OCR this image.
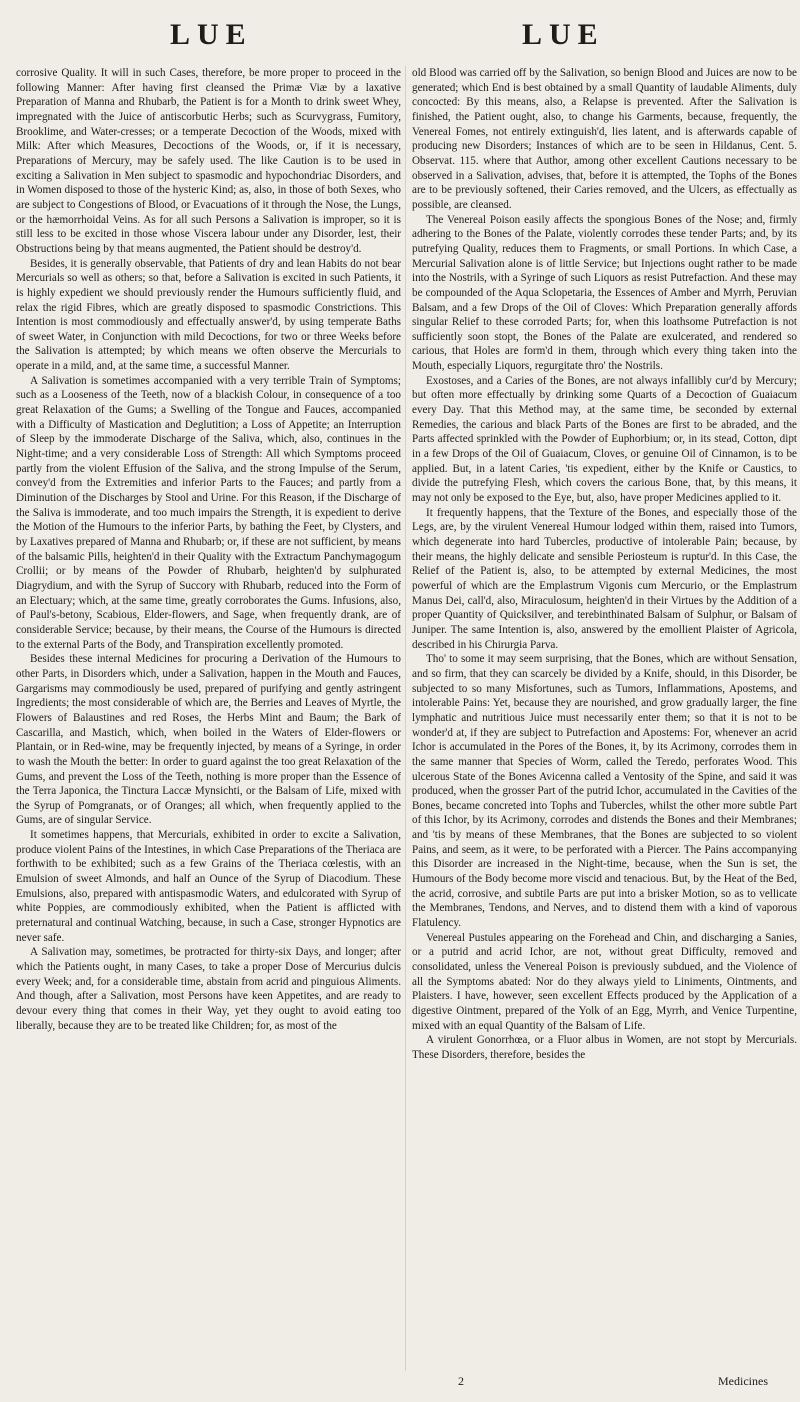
LUE	LUE

corrosive Quality. It will in such Cases, therefore, be more proper to proceed in the following Manner: After having first cleansed the Primæ Viæ by a laxative Preparation of Manna and Rhubarb, the Patient is for a Month to drink sweet Whey, impregnated with the Juice of antiscorbutic Herbs; such as Scurvygrass, Fumitory, Brooklime, and Water-cresses; or a temperate Decoction of the Woods, mixed with Milk: After which Measures, Decoctions of the Woods, or, if it is necessary, Preparations of Mercury, may be safely used. The like Caution is to be used in exciting a Salivation in Men subject to spasmodic and hypochondriac Disorders, and in Women disposed to those of the hysteric Kind; as, also, in those of both Sexes, who are subject to Congestions of Blood, or Evacuations of it through the Nose, the Lungs, or the hæmorrhoidal Veins. As for all such Persons a Salivation is improper, so it is still less to be excited in those whose Viscera labour under any Disorder, lest, their Obstructions being by that means augmented, the Patient should be destroy'd.

Besides, it is generally observable, that Patients of dry and lean Habits do not bear Mercurials so well as others; so that, before a Salivation is excited in such Patients, it is highly expedient we should previously render the Humours sufficiently fluid, and relax the rigid Fibres, which are greatly disposed to spasmodic Constrictions. This Intention is most commodiously and effectually answer'd, by using temperate Baths of sweet Water, in Conjunction with mild Decoctions, for two or three Weeks before the Salivation is attempted; by which means we often observe the Mercurials to operate in a mild, and, at the same time, a successful Manner.

A Salivation is sometimes accompanied with a very terrible Train of Symptoms; such as a Looseness of the Teeth, now of a blackish Colour, in consequence of a too great Relaxation of the Gums; a Swelling of the Tongue and Fauces, accompanied with a Difficulty of Mastication and Deglutition; a Loss of Appetite; an Interruption of Sleep by the immoderate Discharge of the Saliva, which, also, continues in the Night-time; and a very considerable Loss of Strength: All which Symptoms proceed partly from the violent Effusion of the Saliva, and the strong Impulse of the Serum, convey'd from the Extremities and inferior Parts to the Fauces; and partly from a Diminution of the Discharges by Stool and Urine. For this Reason, if the Discharge of the Saliva is immoderate, and too much impairs the Strength, it is expedient to derive the Motion of the Humours to the inferior Parts, by bathing the Feet, by Clysters, and by Laxatives prepared of Manna and Rhubarb; or, if these are not sufficient, by means of the balsamic Pills, heighten'd in their Quality with the Extractum Panchymagogum Crollii; or by means of the Powder of Rhubarb, heighten'd by sulphurated Diagrydium, and with the Syrup of Succory with Rhubarb, reduced into the Form of an Electuary; which, at the same time, greatly corroborates the Gums. Infusions, also, of Paul's-betony, Scabious, Elder-flowers, and Sage, when frequently drank, are of considerable Service; because, by their means, the Course of the Humours is directed to the external Parts of the Body, and Transpiration excellently promoted.

Besides these internal Medicines for procuring a Derivation of the Humours to other Parts, in Disorders which, under a Salivation, happen in the Mouth and Fauces, Gargarisms may commodiously be used, prepared of purifying and gently astringent Ingredients; the most considerable of which are, the Berries and Leaves of Myrtle, the Flowers of Balaustines and red Roses, the Herbs Mint and Baum; the Bark of Cascarilla, and Mastich, which, when boiled in the Waters of Elder-flowers or Plantain, or in Red-wine, may be frequently injected, by means of a Syringe, in order to wash the Mouth the better: In order to guard against the too great Relaxation of the Gums, and prevent the Loss of the Teeth, nothing is more proper than the Essence of the Terra Japonica, the Tinctura Laccæ Mynsichti, or the Balsam of Life, mixed with the Syrup of Pomgranats, or of Oranges; all which, when frequently applied to the Gums, are of singular Service.

It sometimes happens, that Mercurials, exhibited in order to excite a Salivation, produce violent Pains of the Intestines, in which Case Preparations of the Theriaca are forthwith to be exhibited; such as a few Grains of the Theriaca cœlestis, with an Emulsion of sweet Almonds, and half an Ounce of the Syrup of Diacodium. These Emulsions, also, prepared with antispasmodic Waters, and edulcorated with Syrup of white Poppies, are commodiously exhibited, when the Patient is afflicted with preternatural and continual Watching, because, in such a Case, stronger Hypnotics are never safe.

A Salivation may, sometimes, be protracted for thirty-six Days, and longer; after which the Patients ought, in many Cases, to take a proper Dose of Mercurius dulcis every Week; and, for a considerable time, abstain from acrid and pinguious Aliments. And though, after a Salivation, most Persons have keen Appetites, and are ready to devour every thing that comes in their Way, yet they ought to avoid eating too liberally, because they are to be treated like Children; for, as most of the

old Blood was carried off by the Salivation, so benign Blood and Juices are now to be generated; which End is best obtained by a small Quantity of laudable Aliments, duly concocted: By this means, also, a Relapse is prevented. After the Salivation is finished, the Patient ought, also, to change his Garments, because, frequently, the Venereal Fomes, not entirely extinguish'd, lies latent, and is afterwards capable of producing new Disorders; Instances of which are to be seen in Hildanus, Cent. 5. Observat. 115. where that Author, among other excellent Cautions necessary to be observed in a Salivation, advises, that, before it is attempted, the Tophs of the Bones are to be previously softened, their Caries removed, and the Ulcers, as effectually as possible, are cleansed.

The Venereal Poison easily affects the spongious Bones of the Nose; and, firmly adhering to the Bones of the Palate, violently corrodes these tender Parts; and, by its putrefying Quality, reduces them to Fragments, or small Portions. In which Case, a Mercurial Salivation alone is of little Service; but Injections ought rather to be made into the Nostrils, with a Syringe of such Liquors as resist Putrefaction. And these may be compounded of the Aqua Sclopetaria, the Essences of Amber and Myrrh, Peruvian Balsam, and a few Drops of the Oil of Cloves: Which Preparation generally affords singular Relief to these corroded Parts; for, when this loathsome Putrefaction is not sufficiently soon stopt, the Bones of the Palate are exulcerated, and rendered so carious, that Holes are form'd in them, through which every thing taken into the Mouth, especially Liquors, regurgitate thro' the Nostrils.

Exostoses, and a Caries of the Bones, are not always infallibly cur'd by Mercury; but often more effectually by drinking some Quarts of a Decoction of Guaiacum every Day. That this Method may, at the same time, be seconded by external Remedies, the carious and black Parts of the Bones are first to be abraded, and the Parts affected sprinkled with the Powder of Euphorbium; or, in its stead, Cotton, dipt in a few Drops of the Oil of Guaiacum, Cloves, or genuine Oil of Cinnamon, is to be applied. But, in a latent Caries, 'tis expedient, either by the Knife or Caustics, to divide the putrefying Flesh, which covers the carious Bone, that, by this means, it may not only be exposed to the Eye, but, also, have proper Medicines applied to it.

It frequently happens, that the Texture of the Bones, and especially those of the Legs, are, by the virulent Venereal Humour lodged within them, raised into Tumors, which degenerate into hard Tubercles, productive of intolerable Pain; because, by their means, the highly delicate and sensible Periosteum is ruptur'd. In this Case, the Relief of the Patient is, also, to be attempted by external Medicines, the most powerful of which are the Emplastrum Vigonis cum Mercurio, or the Emplastrum Manus Dei, call'd, also, Miraculosum, heighten'd in their Virtues by the Addition of a proper Quantity of Quicksilver, and terebinthinated Balsam of Sulphur, or Balsam of Juniper. The same Intention is, also, answered by the emollient Plaister of Agricola, described in his Chirurgia Parva.

Tho' to some it may seem surprising, that the Bones, which are without Sensation, and so firm, that they can scarcely be divided by a Knife, should, in this Disorder, be subjected to so many Misfortunes, such as Tumors, Inflammations, Apostems, and intolerable Pains: Yet, because they are nourished, and grow gradually larger, the fine lymphatic and nutritious Juice must necessarily enter them; so that it is not to be wonder'd at, if they are subject to Putrefaction and Apostems: For, whenever an acrid Ichor is accumulated in the Pores of the Bones, it, by its Acrimony, corrodes them in the same manner that Species of Worm, called the Teredo, perforates Wood. This ulcerous State of the Bones Avicenna called a Ventosity of the Spine, and said it was produced, when the grosser Part of the putrid Ichor, accumulated in the Cavities of the Bones, became concreted into Tophs and Tubercles, whilst the other more subtle Part of this Ichor, by its Acrimony, corrodes and distends the Bones and their Membranes; and 'tis by means of these Membranes, that the Bones are subjected to so violent Pains, and seem, as it were, to be perforated with a Piercer. The Pains accompanying this Disorder are increased in the Night-time, because, when the Sun is set, the Humours of the Body become more viscid and tenacious. But, by the Heat of the Bed, the acrid, corrosive, and subtile Parts are put into a brisker Motion, so as to vellicate the Membranes, Tendons, and Nerves, and to distend them with a kind of vaporous Flatulency.

Venereal Pustules appearing on the Forehead and Chin, and discharging a Sanies, or a putrid and acrid Ichor, are not, without great Difficulty, removed and consolidated, unless the Venereal Poison is previously subdued, and the Violence of all the Symptoms abated: Nor do they always yield to Liniments, Ointments, and Plaisters. I have, however, seen excellent Effects produced by the Application of a digestive Ointment, prepared of the Yolk of an Egg, Myrrh, and Venice Turpentine, mixed with an equal Quantity of the Balsam of Life.

A virulent Gonorrhœa, or a Fluor albus in Women, are not stopt by Mercurials. These Disorders, therefore, besides the

2	Medicines
